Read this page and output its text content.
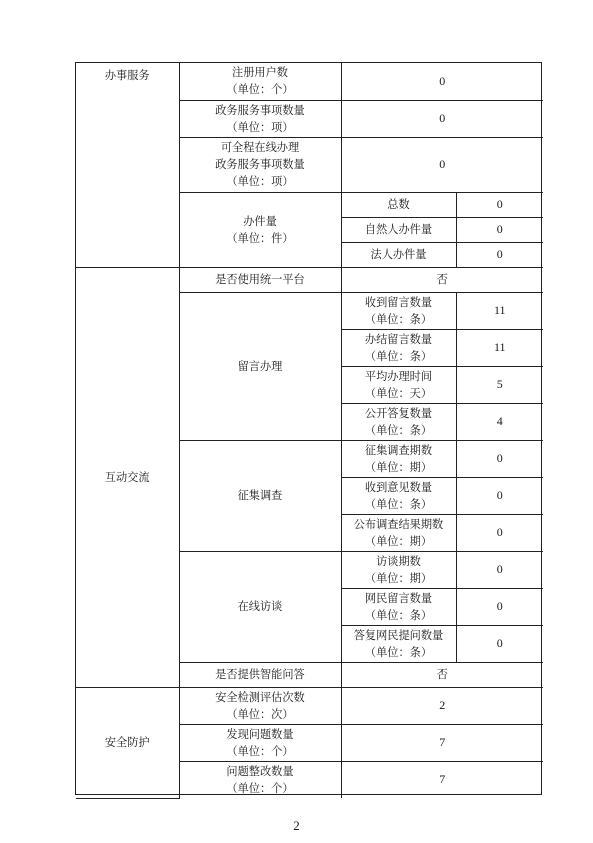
办事服务	注册用户数
（单位：个）	0	

	政务服务事项数量
（单位：项）	0	

	可全程在线办理
政务服务事项数量
（单位：项）	0	

	办件量
（单位：件）	总数	0
		自然人办件量	0
		法人办件量	0
互动交流	是否使用统一平台	否	
	留言办理	收到留言数量
（单位：条）	11

		办结留言数量
（单位：条）	11

		平均办理时间
（单位：天）	5

		公开答复数量
（单位：条）	4
	征集调查	征集调查期数
（单位：期）	0

		收到意见数量
（单位：条）	0

		公布调查结果期数
（单位：期）	0
	在线访谈	访谈期数
（单位：期）	0

		网民留言数量
（单位：条）	0

		答复网民提问数量
（单位：条）	0
	是否提供智能问答	否	
安全防护	安全检测评估次数
（单位：次）	2	

	发现问题数量
（单位：个）	7	

	问题整改数量
（单位：个）	7	
2
